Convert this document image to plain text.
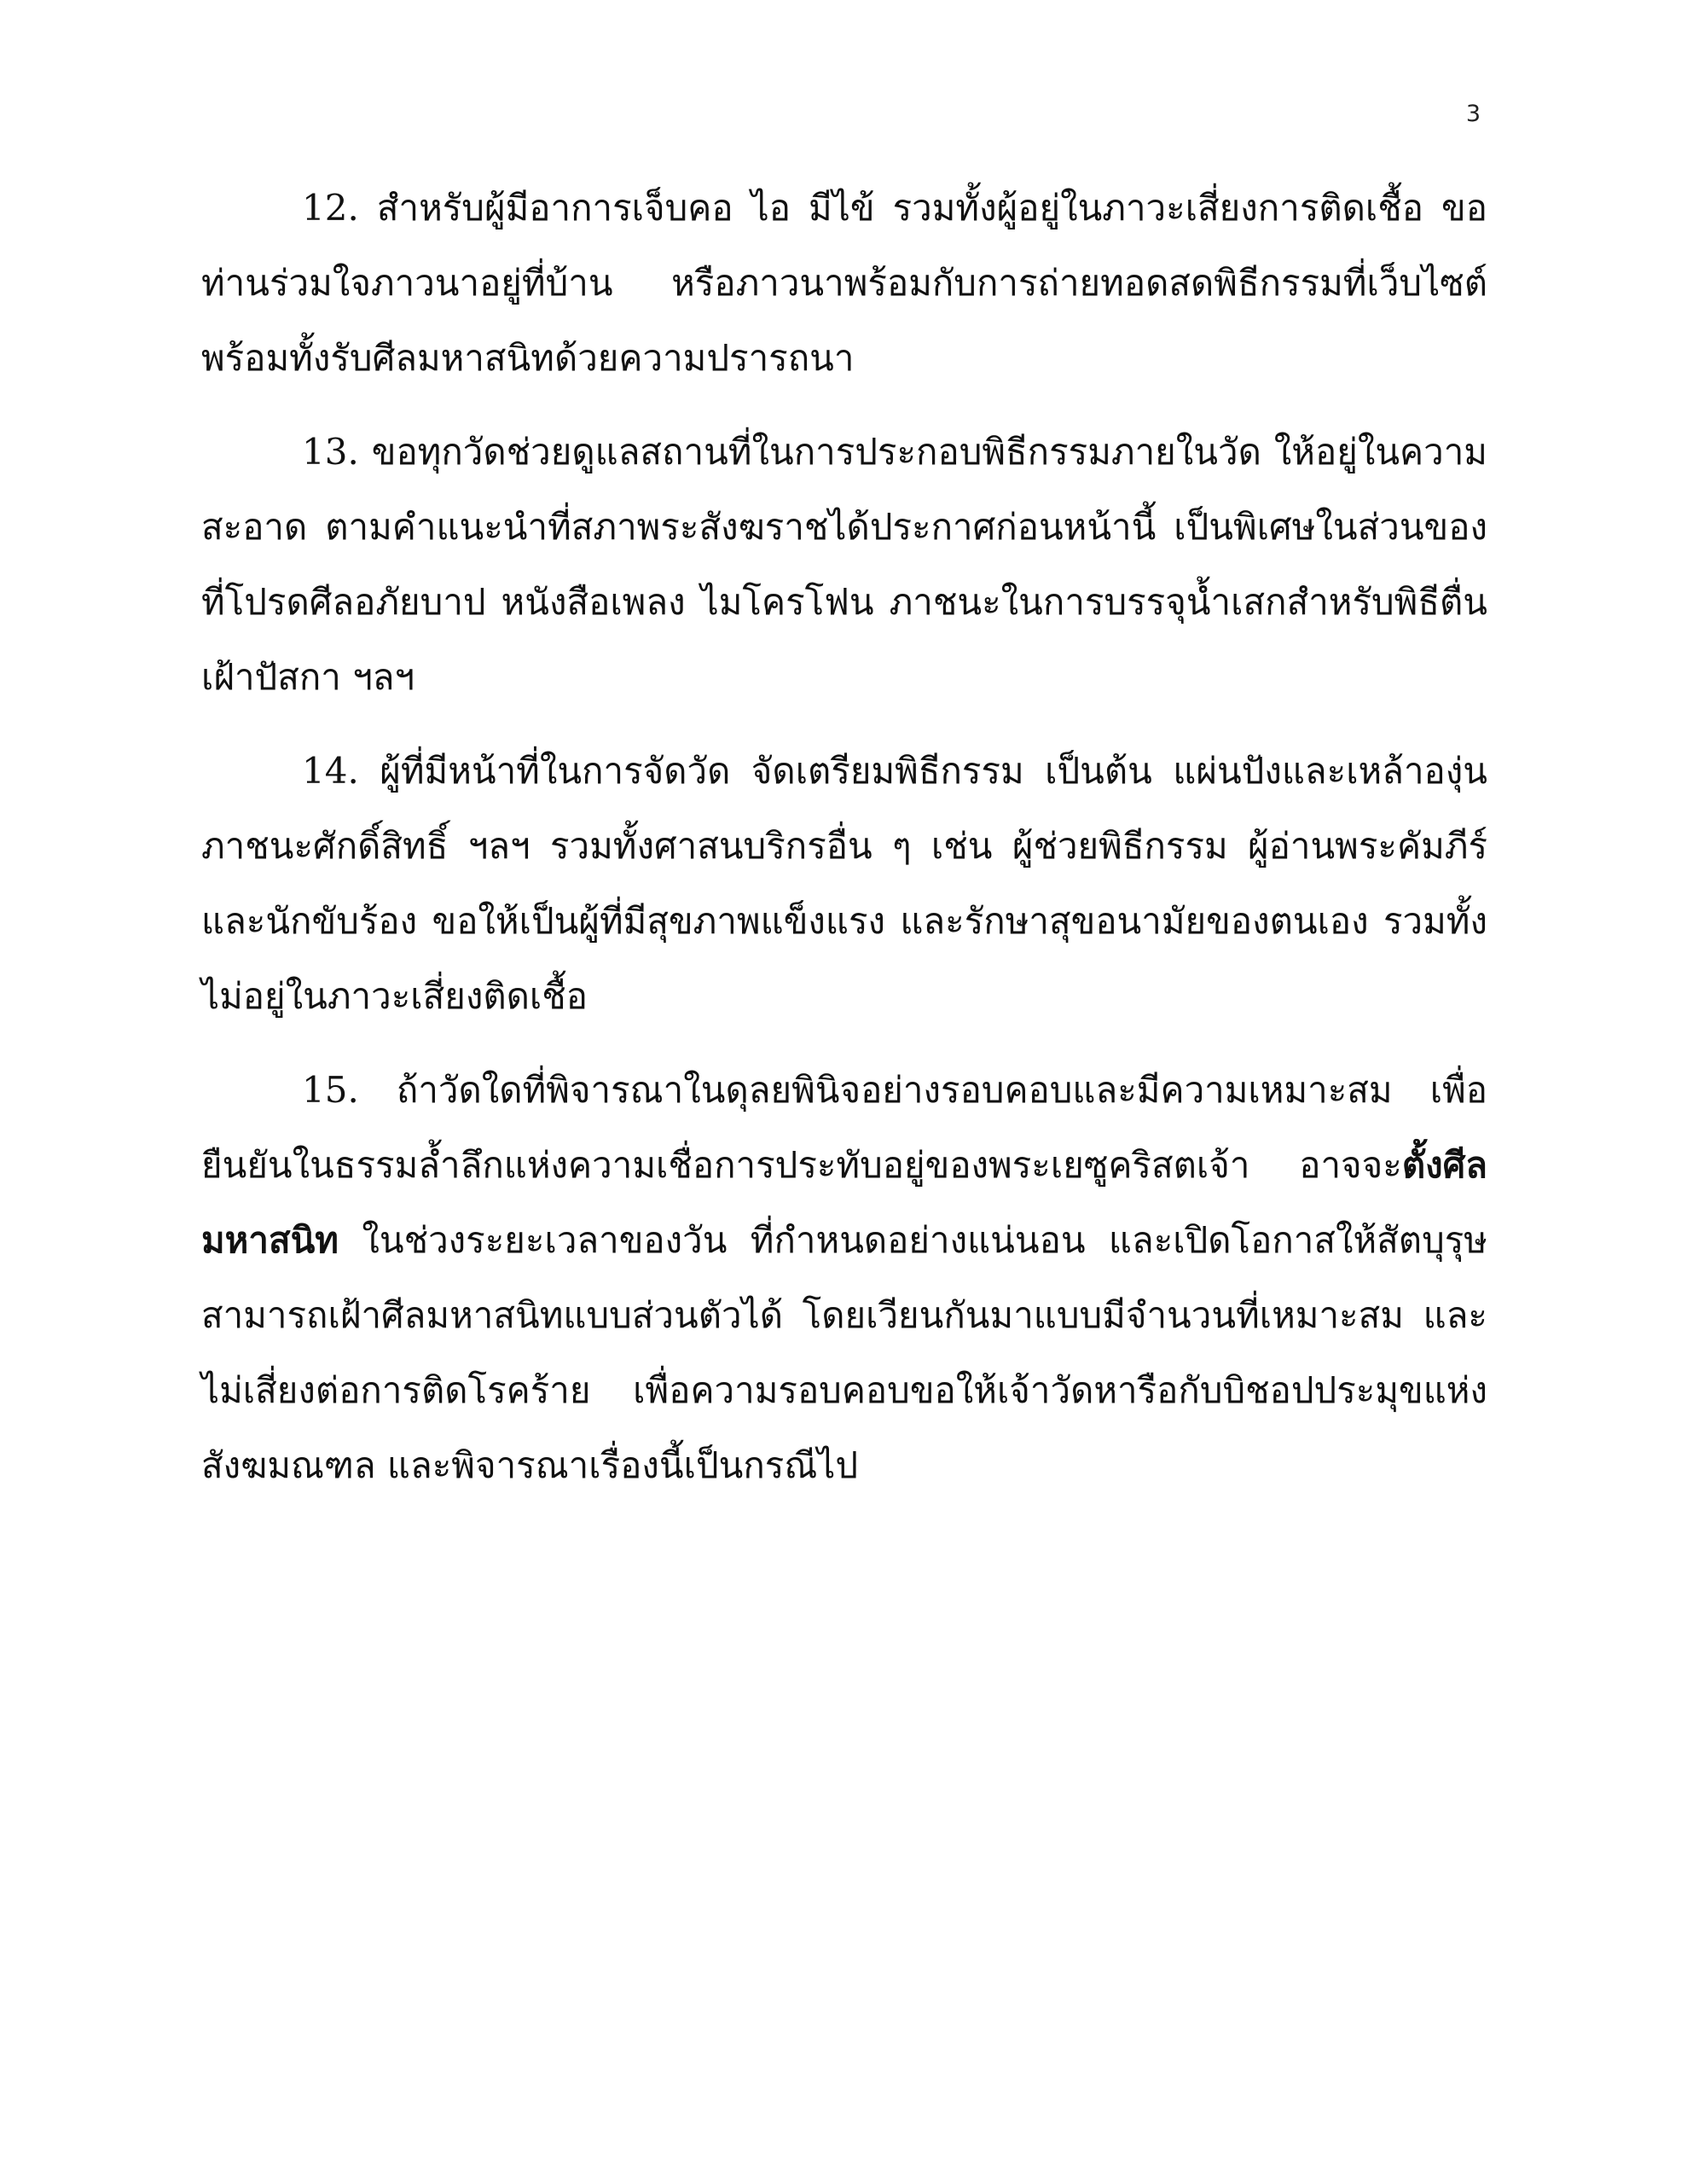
3

12. สำหรับผู้มีอาการเจ็บคอ ไอ มีไข้ รวมทั้งผู้อยู่ในภาวะเสี่ยงการติดเชื้อ ขอท่านร่วมใจภาวนาอยู่ที่บ้าน หรือภาวนาพร้อมกับการถ่ายทอดสดพิธีกรรมที่เว็บไซต์ พร้อมทั้งรับศีลมหาสนิทด้วยความปรารถนา

13. ขอทุกวัดช่วยดูแลสถานที่ในการประกอบพิธีกรรมภายในวัด ให้อยู่ในความสะอาด ตามคำแนะนำที่สภาพระสังฆราชได้ประกาศก่อนหน้านี้ เป็นพิเศษในส่วนของที่โปรดศีลอภัยบาป หนังสือเพลง ไมโครโฟน ภาชนะในการบรรจุน้ำเสกสำหรับพิธีตื่นเฝ้าปัสกา ฯลฯ

14. ผู้ที่มีหน้าที่ในการจัดวัด จัดเตรียมพิธีกรรม เป็นต้น แผ่นปังและเหล้าองุ่น ภาชนะศักดิ์สิทธิ์ ฯลฯ รวมทั้งศาสนบริกรอื่น ๆ เช่น ผู้ช่วยพิธีกรรม ผู้อ่านพระคัมภีร์ และนักขับร้อง ขอให้เป็นผู้ที่มีสุขภาพแข็งแรง และรักษาสุขอนามัยของตนเอง รวมทั้งไม่อยู่ในภาวะเสี่ยงติดเชื้อ

15. ถ้าวัดใดที่พิจารณาในดุลยพินิจอย่างรอบคอบและมีความเหมาะสม เพื่อยืนยันในธรรมล้ำลึกแห่งความเชื่อการประทับอยู่ของพระเยซูคริสตเจ้า อาจจะตั้งศีลมหาสนิท ในช่วงระยะเวลาของวัน ที่กำหนดอย่างแน่นอน และเปิดโอกาสให้สัตบุรุษสามารถเฝ้าศีลมหาสนิทแบบส่วนตัวได้ โดยเวียนกันมาแบบมีจำนวนที่เหมาะสม และไม่เสี่ยงต่อการติดโรคร้าย เพื่อความรอบคอบขอให้เจ้าวัดหารือกับบิชอปประมุขแห่งสังฆมณฑล และพิจารณาเรื่องนี้เป็นกรณีไป
